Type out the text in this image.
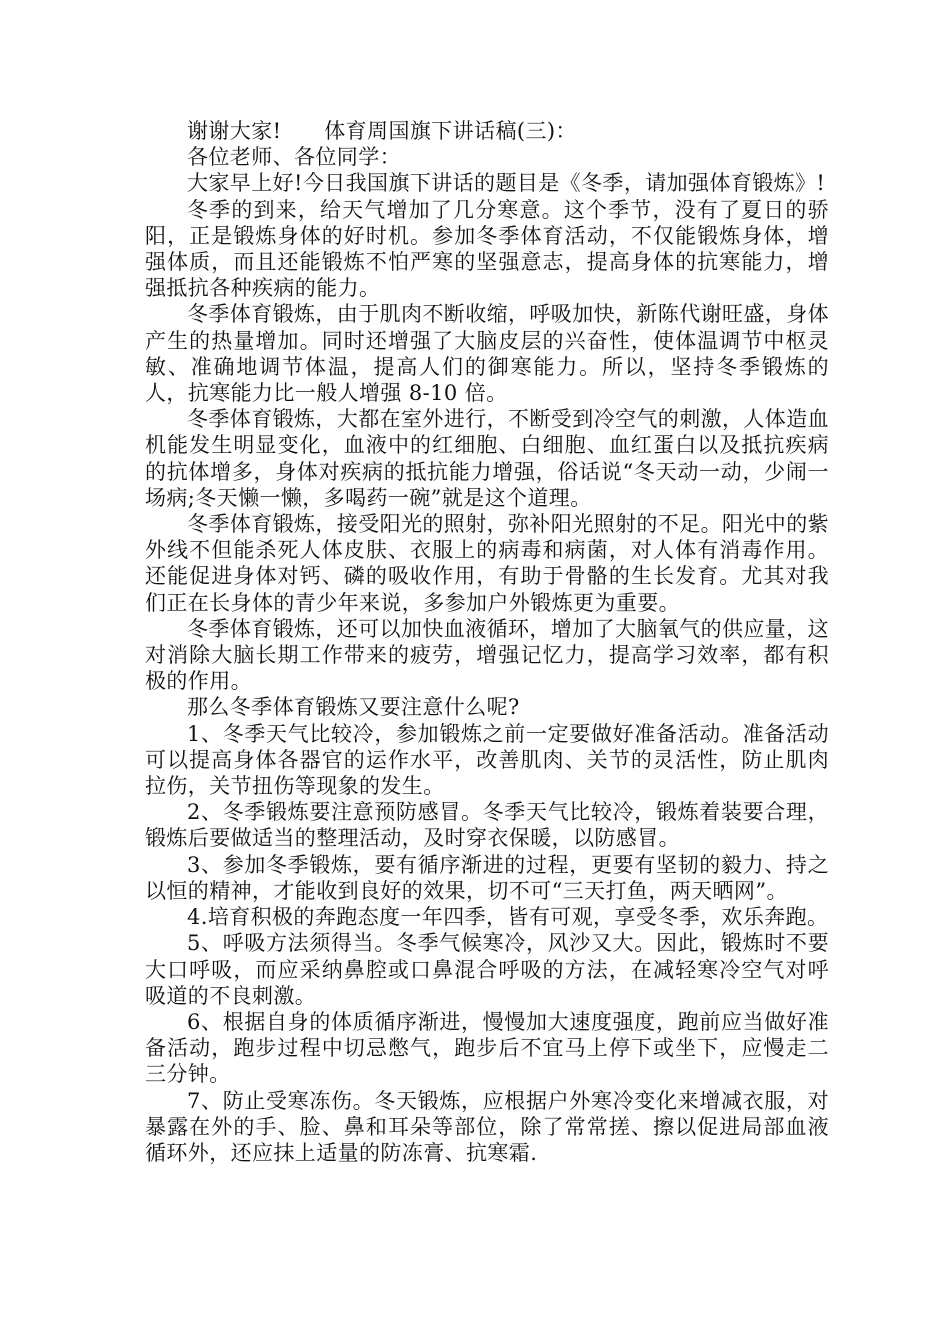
谢谢大家!　　体育周国旗下讲话稿(三)：

各位老师、各位同学：

大家早上好!今日我国旗下讲话的题目是《冬季，请加强体育锻炼》!

冬季的到来，给天气增加了几分寒意。这个季节，没有了夏日的骄阳，正是锻炼身体的好时机。参加冬季体育活动，不仅能锻炼身体，增强体质，而且还能锻炼不怕严寒的坚强意志，提高身体的抗寒能力，增强抵抗各种疾病的能力。

冬季体育锻炼，由于肌肉不断收缩，呼吸加快，新陈代谢旺盛，身体产生的热量增加。同时还增强了大脑皮层的兴奋性，使体温调节中枢灵敏、准确地调节体温，提高人们的御寒能力。所以，坚持冬季锻炼的人，抗寒能力比一般人增强 8-10 倍。

冬季体育锻炼，大都在室外进行，不断受到冷空气的刺激，人体造血机能发生明显变化，血液中的红细胞、白细胞、血红蛋白以及抵抗疾病的抗体增多，身体对疾病的抵抗能力增强，俗话说“冬天动一动，少闹一场病;冬天懒一懒，多喝药一碗”就是这个道理。

冬季体育锻炼，接受阳光的照射，弥补阳光照射的不足。阳光中的紫外线不但能杀死人体皮肤、衣服上的病毒和病菌，对人体有消毒作用。还能促进身体对钙、磷的吸收作用，有助于骨骼的生长发育。尤其对我们正在长身体的青少年来说，多参加户外锻炼更为重要。

冬季体育锻炼，还可以加快血液循环，增加了大脑氧气的供应量，这对消除大脑长期工作带来的疲劳，增强记忆力，提高学习效率，都有积极的作用。

那么冬季体育锻炼又要注意什么呢?

1、冬季天气比较冷，参加锻炼之前一定要做好准备活动。准备活动可以提高身体各器官的运作水平，改善肌肉、关节的灵活性，防止肌肉拉伤，关节扭伤等现象的发生。

2、冬季锻炼要注意预防感冒。冬季天气比较冷，锻炼着装要合理，锻炼后要做适当的整理活动，及时穿衣保暖，以防感冒。

3、参加冬季锻炼，要有循序渐进的过程，更要有坚韧的毅力、持之以恒的精神，才能收到良好的效果，切不可“三天打鱼，两天晒网”。

4.培育积极的奔跑态度一年四季，皆有可观，享受冬季，欢乐奔跑。

5、呼吸方法须得当。冬季气候寒冷，风沙又大。因此，锻炼时不要大口呼吸，而应采纳鼻腔或口鼻混合呼吸的方法，在减轻寒冷空气对呼吸道的不良刺激。

6、根据自身的体质循序渐进，慢慢加大速度强度，跑前应当做好准备活动，跑步过程中切忌憋气，跑步后不宜马上停下或坐下，应慢走二三分钟。

7、防止受寒冻伤。冬天锻炼，应根据户外寒冷变化来增减衣服，对暴露在外的手、脸、鼻和耳朵等部位，除了常常搓、擦以促进局部血液循环外，还应抹上适量的防冻膏、抗寒霜.
